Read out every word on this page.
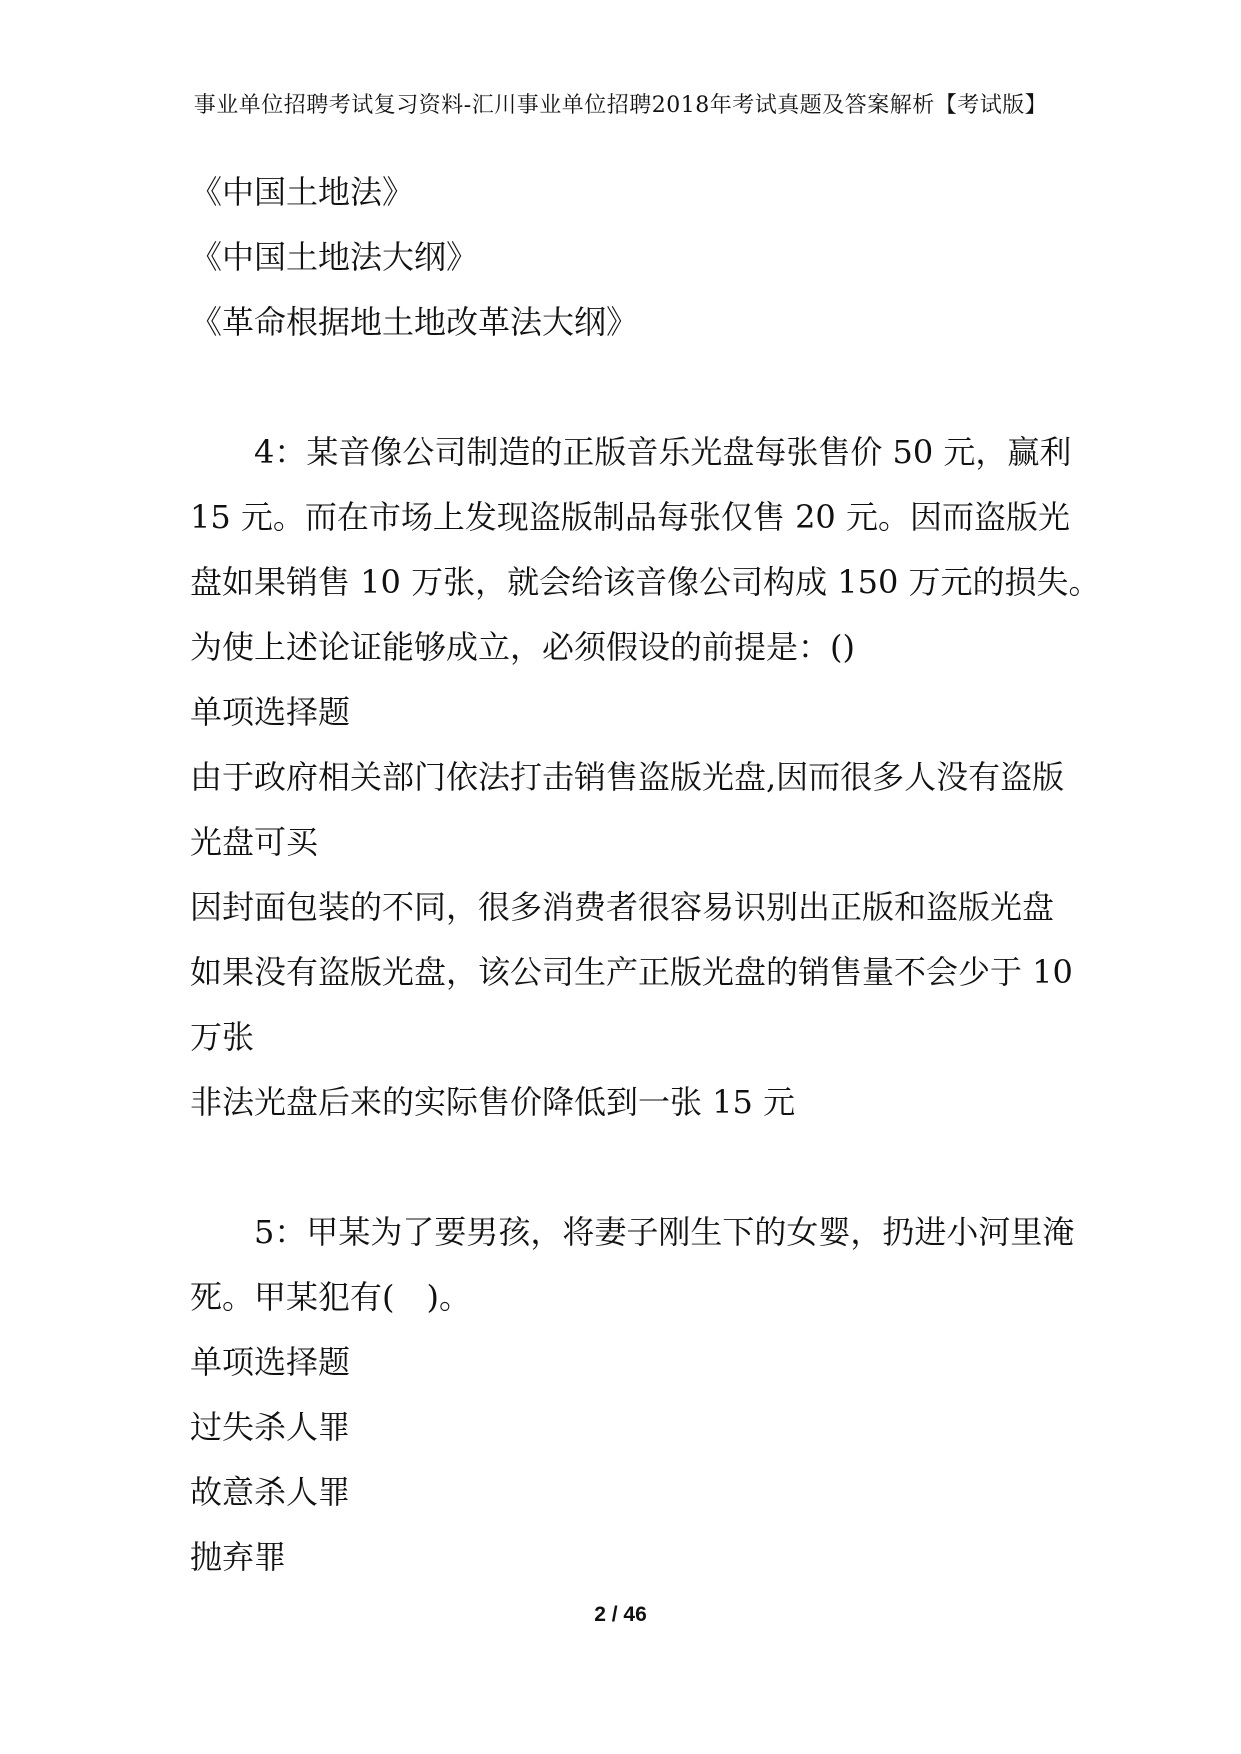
事业单位招聘考试复习资料-汇川事业单位招聘2018年考试真题及答案解析【考试版】
《中国土地法》
《中国土地法大纲》
《革命根据地土地改革法大纲》
4：某音像公司制造的正版音乐光盘每张售价 50 元，赢利
15 元。而在市场上发现盗版制品每张仅售 20 元。因而盗版光
盘如果销售 10 万张，就会给该音像公司构成 150 万元的损失。
为使上述论证能够成立，必须假设的前提是：()
单项选择题
由于政府相关部门依法打击销售盗版光盘,因而很多人没有盗版
光盘可买
因封面包装的不同，很多消费者很容易识别出正版和盗版光盘
如果没有盗版光盘，该公司生产正版光盘的销售量不会少于 10
万张
非法光盘后来的实际售价降低到一张 15 元
5：甲某为了要男孩，将妻子刚生下的女婴，扔进小河里淹
死。甲某犯有(　)。
单项选择题
过失杀人罪
故意杀人罪
抛弃罪
2 / 46
